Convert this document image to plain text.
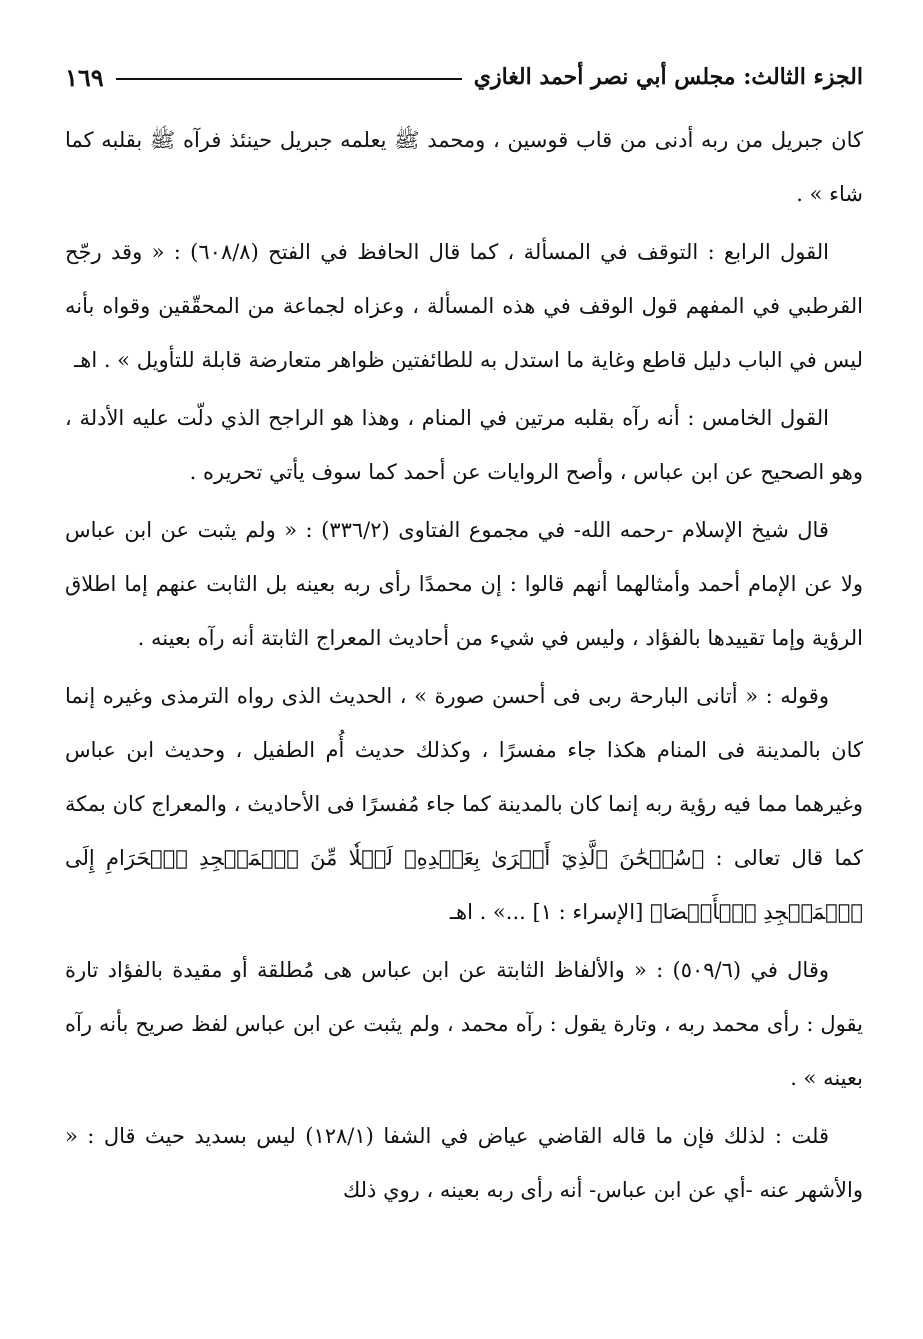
الجزء الثالث: مجلس أبي نصر أحمد الغازي
١٦٩

كان جبريل من ربه أدنى من قاب قوسين ، ومحمد ﷺ يعلمه جبريل حينئذ فرآه ﷺ بقلبه كما شاء » .

القول الرابع : التوقف في المسألة ، كما قال الحافظ في الفتح (٦٠٨/٨) : « وقد رجّح القرطبي في المفهم قول الوقف في هذه المسألة ، وعزاه لجماعة من المحقّقين وقواه بأنه ليس في الباب دليل قاطع وغاية ما استدل به للطائفتين ظواهر متعارضة قابلة للتأويل » . اهـ

القول الخامس : أنه رآه بقلبه مرتين في المنام ، وهذا هو الراجح الذي دلّت عليه الأدلة ، وهو الصحيح عن ابن عباس ، وأصح الروايات عن أحمد كما سوف يأتي تحريره .

قال شيخ الإسلام -رحمه الله- في مجموع الفتاوى (٣٣٦/٢) : « ولم يثبت عن ابن عباس ولا عن الإمام أحمد وأمثالهما أنهم قالوا : إن محمدًا رأى ربه بعينه بل الثابت عنهم إما اطلاق الرؤية وإما تقييدها بالفؤاد ، وليس في شيء من أحاديث المعراج الثابتة أنه رآه بعينه .

وقوله : « أتانى البارحة ربى فى أحسن صورة » ، الحديث الذى رواه الترمذى وغيره إنما كان بالمدينة فى المنام هكذا جاء مفسرًا ، وكذلك حديث أُم الطفيل ، وحديث ابن عباس وغيرهما مما فيه رؤية ربه إنما كان بالمدينة كما جاء مُفسرًا فى الأحاديث ، والمعراج كان بمكة كما قال تعالى : ﴿سُبۡحَٰنَ ٱلَّذِيٓ أَسۡرَىٰ بِعَبۡدِهِۦ لَيۡلٗا مِّنَ ٱلۡمَسۡجِدِ ٱلۡحَرَامِ إِلَى ٱلۡمَسۡجِدِ ٱلۡأَقۡصَا﴾ [الإسراء : ١] ...» . اهـ

وقال في (٥٠٩/٦) : « والألفاظ الثابتة عن ابن عباس هى مُطلقة أو مقيدة بالفؤاد تارة يقول : رأى محمد ربه ، وتارة يقول : رآه محمد ، ولم يثبت عن ابن عباس لفظ صريح بأنه رآه بعينه » .

قلت : لذلك فإن ما قاله القاضي عياض في الشفا (١٢٨/١) ليس بسديد حيث قال : « والأشهر عنه -أي عن ابن عباس- أنه رأى ربه بعينه ، روي ذلك
